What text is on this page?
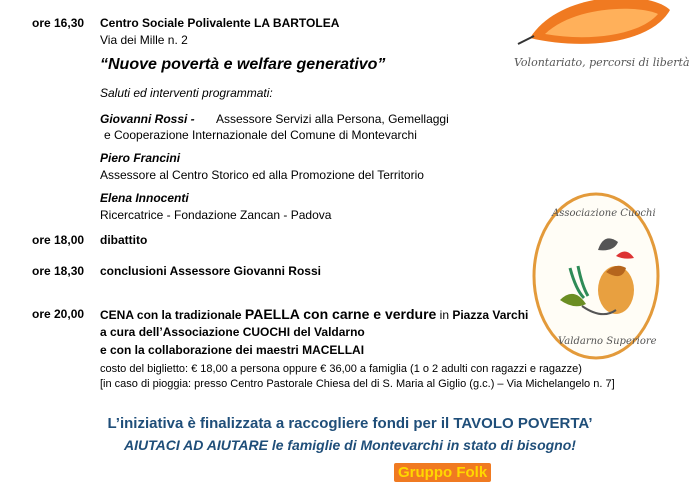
ore 16,30 Centro Sociale Polivalente LA BARTOLEA
Via dei Mille n. 2
“Nuove povertà e welfare generativo”
Saluti ed interventi programmati:
Giovanni Rossi - Assessore Servizi alla Persona, Gemellaggi
e Cooperazione Internazionale del Comune di Montevarchi
Piero Francini
Assessore al Centro Storico ed alla Promozione del Territorio
Elena Innocenti
Ricercatrice - Fondazione Zancan - Padova
ore 18,00 dibattito
ore 18,30 conclusioni Assessore Giovanni Rossi
ore 20,00 CENA con la tradizionale PAELLA con carne e verdure in Piazza Varchi
a cura dell’Associazione CUOCHI del Valdarno
e con la collaborazione dei maestri MACELLAI
costo del biglietto: € 18,00 a persona oppure € 36,00 a famiglia (1 o 2 adulti con ragazzi e ragazze)
[in caso di pioggia: presso Centro Pastorale Chiesa del di S. Maria al Giglio (g.c.) – Via Michelangelo n. 7]
L’iniziativa è finalizzata a raccogliere fondi per il TAVOLO POVERTA’
AIUTACI AD AIUTARE le famiglie di Montevarchi in stato di bisogno!
Gruppo Folk
Volontariato, percorsi di libertà
Associazione Cuochi
Valdarno Superiore
